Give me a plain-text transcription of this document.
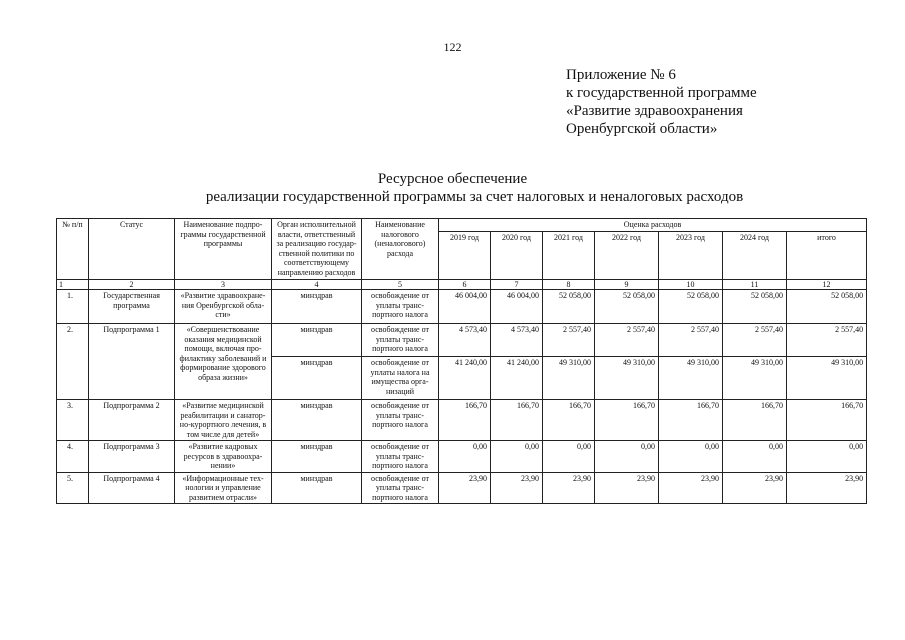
122
Приложение № 6
к государственной программе
«Развитие здравоохранения
Оренбургской области»
Ресурсное обеспечение
реализации государственной программы за счет налоговых и неналоговых расходов
№ п/п	Статус	Наименование подпро-граммы государственной программы	Орган исполнительной власти, ответственный за реализацию государ-ственной политики по соответствующему направлению расходов	Наименование налогового (неналогового) расхода	Оценка расходов						
					2019 год	2020 год	2021 год	2022 год	2023 год	2024 год	итого
1	2	3	4	5	6	7	8	9	10	11	12
1.	Государственная программа	«Развитие здравоохране-ния Оренбургской обла-сти»	минздрав	освобождение от уплаты транс-портного налога	46 004,00	46 004,00	52 058,00	52 058,00	52 058,00	52 058,00	52 058,00
2.	Подпрограмма 1	«Совершенствование оказания медицинской помощи, включая про-филактику заболеваний и формирование здорового образа жизни»	минздрав	освобождение от уплаты транс-портного налога	4 573,40	4 573,40	2 557,40	2 557,40	2 557,40	2 557,40	2 557,40
			минздрав	освобождение от уплаты налога на имущества орга-низаций	41 240,00	41 240,00	49 310,00	49 310,00	49 310,00	49 310,00	49 310,00
3.	Подпрограмма 2	«Развитие медицинской реабилитации и санатор-но-курортного лечения, в том числе для детей»	минздрав	освобождение от уплаты транс-портного налога	166,70	166,70	166,70	166,70	166,70	166,70	166,70
4.	Подпрограмма 3	«Развитие кадровых ресурсов в здравоохра-нении»	минздрав	освобождение от уплаты транс-портного налога	0,00	0,00	0,00	0,00	0,00	0,00	0,00
5.	Подпрограмма 4	«Информационные тех-нологии и управление развитием отрасли»	минздрав	освобождение от уплаты транс-портного налога	23,90	23,90	23,90	23,90	23,90	23,90	23,90
